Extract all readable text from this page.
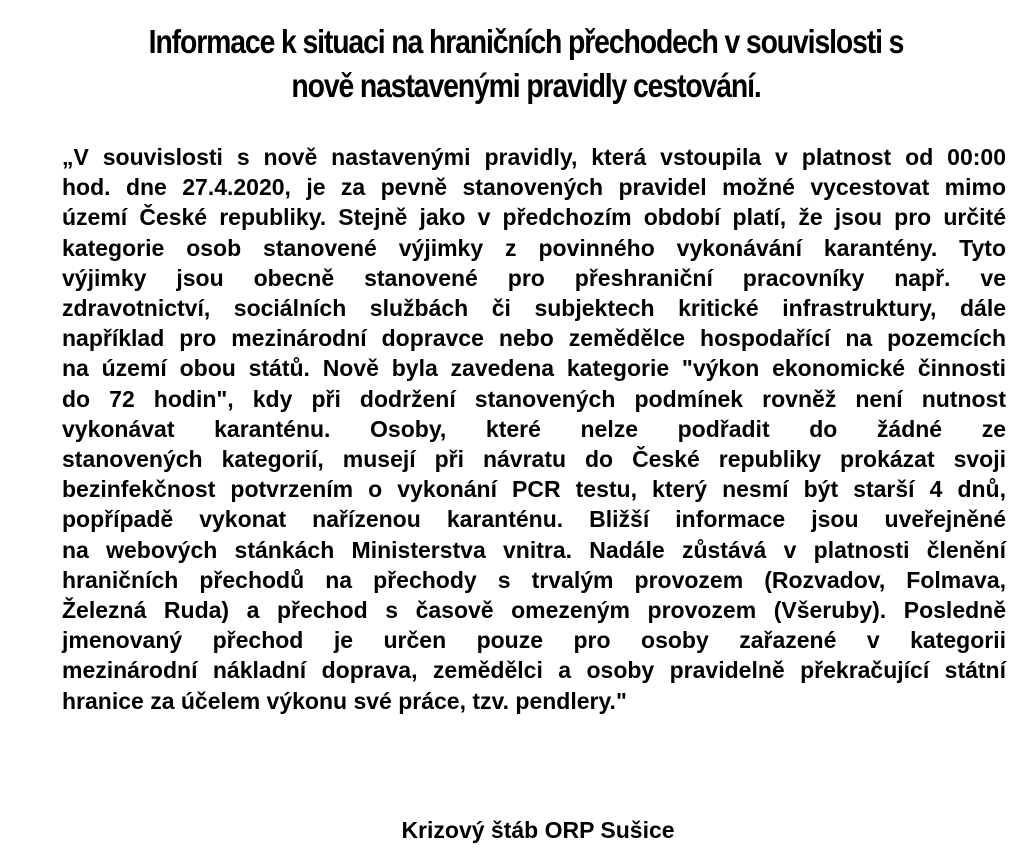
Informace k situaci na hraničních přechodech v souvislosti s
nově nastavenými pravidly cestování.
„V souvislosti s nově nastavenými pravidly, která vstoupila v platnost od 00:00
hod. dne 27.4.2020, je za pevně stanovených pravidel možné vycestovat mimo
území České republiky. Stejně jako v předchozím období platí, že jsou pro určité
kategorie osob stanovené výjimky z povinného vykonávání karantény. Tyto
výjimky jsou obecně stanovené pro přeshraniční pracovníky např. ve
zdravotnictví, sociálních službách či subjektech kritické infrastruktury, dále
například pro mezinárodní dopravce nebo zemědělce hospodařící na pozemcích
na území obou států. Nově byla zavedena kategorie "výkon ekonomické činnosti
do 72 hodin", kdy při dodržení stanovených podmínek rovněž není nutnost
vykonávat karanténu. Osoby, které nelze podřadit do žádné ze
stanovených kategorií, musejí při návratu do České republiky prokázat svoji
bezinfekčnost potvrzením o vykonání PCR testu, který nesmí být starší 4 dnů,
popřípadě vykonat nařízenou karanténu. Bližší informace jsou uveřejněné
na webových stánkách Ministerstva vnitra. Nadále zůstává v platnosti členění
hraničních přechodů na přechody s trvalým provozem (Rozvadov, Folmava,
Železná Ruda) a přechod s časově omezeným provozem (Všeruby). Posledně
jmenovaný přechod je určen pouze pro osoby zařazené v kategorii
mezinárodní nákladní doprava, zemědělci a osoby pravidelně překračující státní
hranice za účelem výkonu své práce, tzv. pendlery."

Krizový štáb ORP Sušice
